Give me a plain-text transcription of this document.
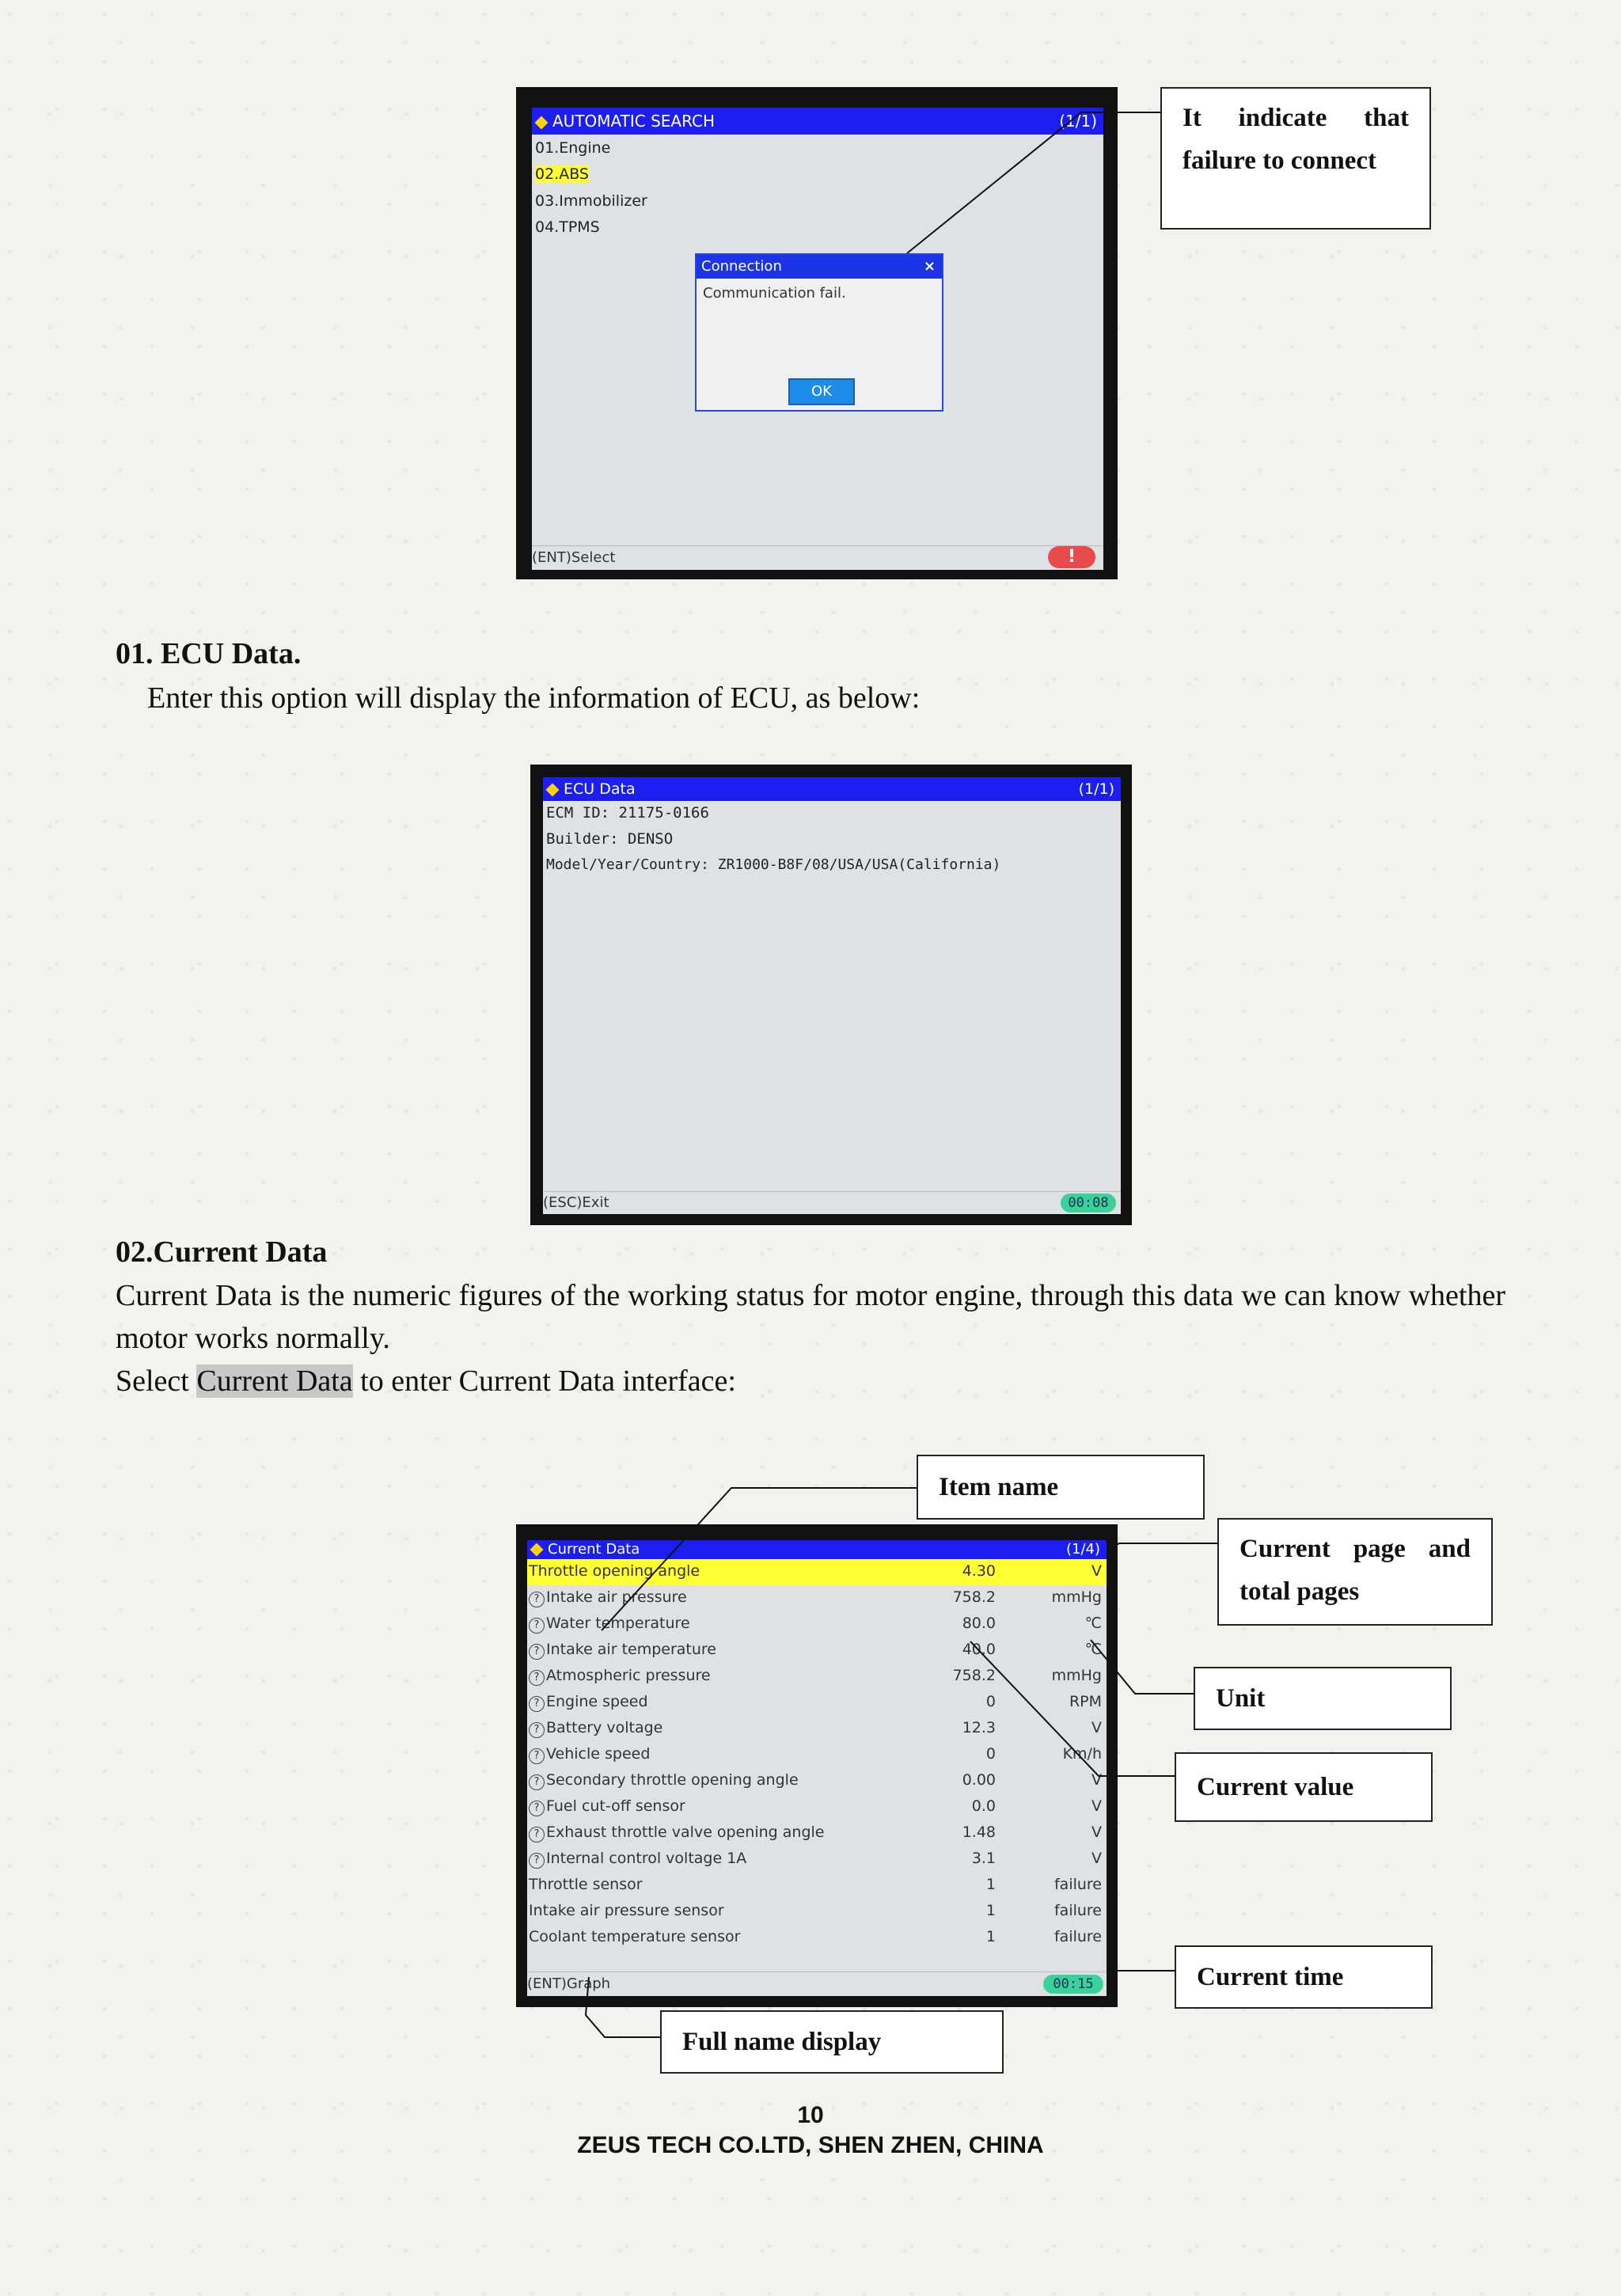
AUTOMATIC SEARCH	(1/1)
01.Engine
02.ABS
03.Immobilizer
04.TPMS
Connection	×
Communication fail.
OK
(ENT)Select	!
It indicate that failure to connect
01. ECU Data.
Enter this option will display the information of ECU, as below:
ECU Data	(1/1)
ECM ID: 21175-0166
Builder: DENSO
Model/Year/Country: ZR1000-B8F/08/USA/USA(California)
(ESC)Exit	00:08
02.Current Data
Current Data is the numeric figures of the working status for motor engine, through this data we can know whether motor works normally.
Select Current Data to enter Current Data interface:
Current Data	(1/4)
Throttle opening angle	4.30	V
? Intake air pressure	758.2	mmHg
? Water temperature	80.0	℃
? Intake air temperature	40.0	℃
? Atmospheric pressure	758.2	mmHg
? Engine speed	0	RPM
? Battery voltage	12.3	V
? Vehicle speed	0	Km/h
? Secondary throttle opening angle	0.00	V
? Fuel cut-off sensor	0.0	V
? Exhaust throttle valve opening angle	1.48	V
? Internal control voltage 1A	3.1	V
Throttle sensor	1	failure
Intake air pressure sensor	1	failure
Coolant temperature sensor	1	failure
(ENT)Graph	00:15
Item name
Current page and total pages
Unit
Current value
Current time
Full name display
10
ZEUS TECH CO.LTD, SHEN ZHEN, CHINA
